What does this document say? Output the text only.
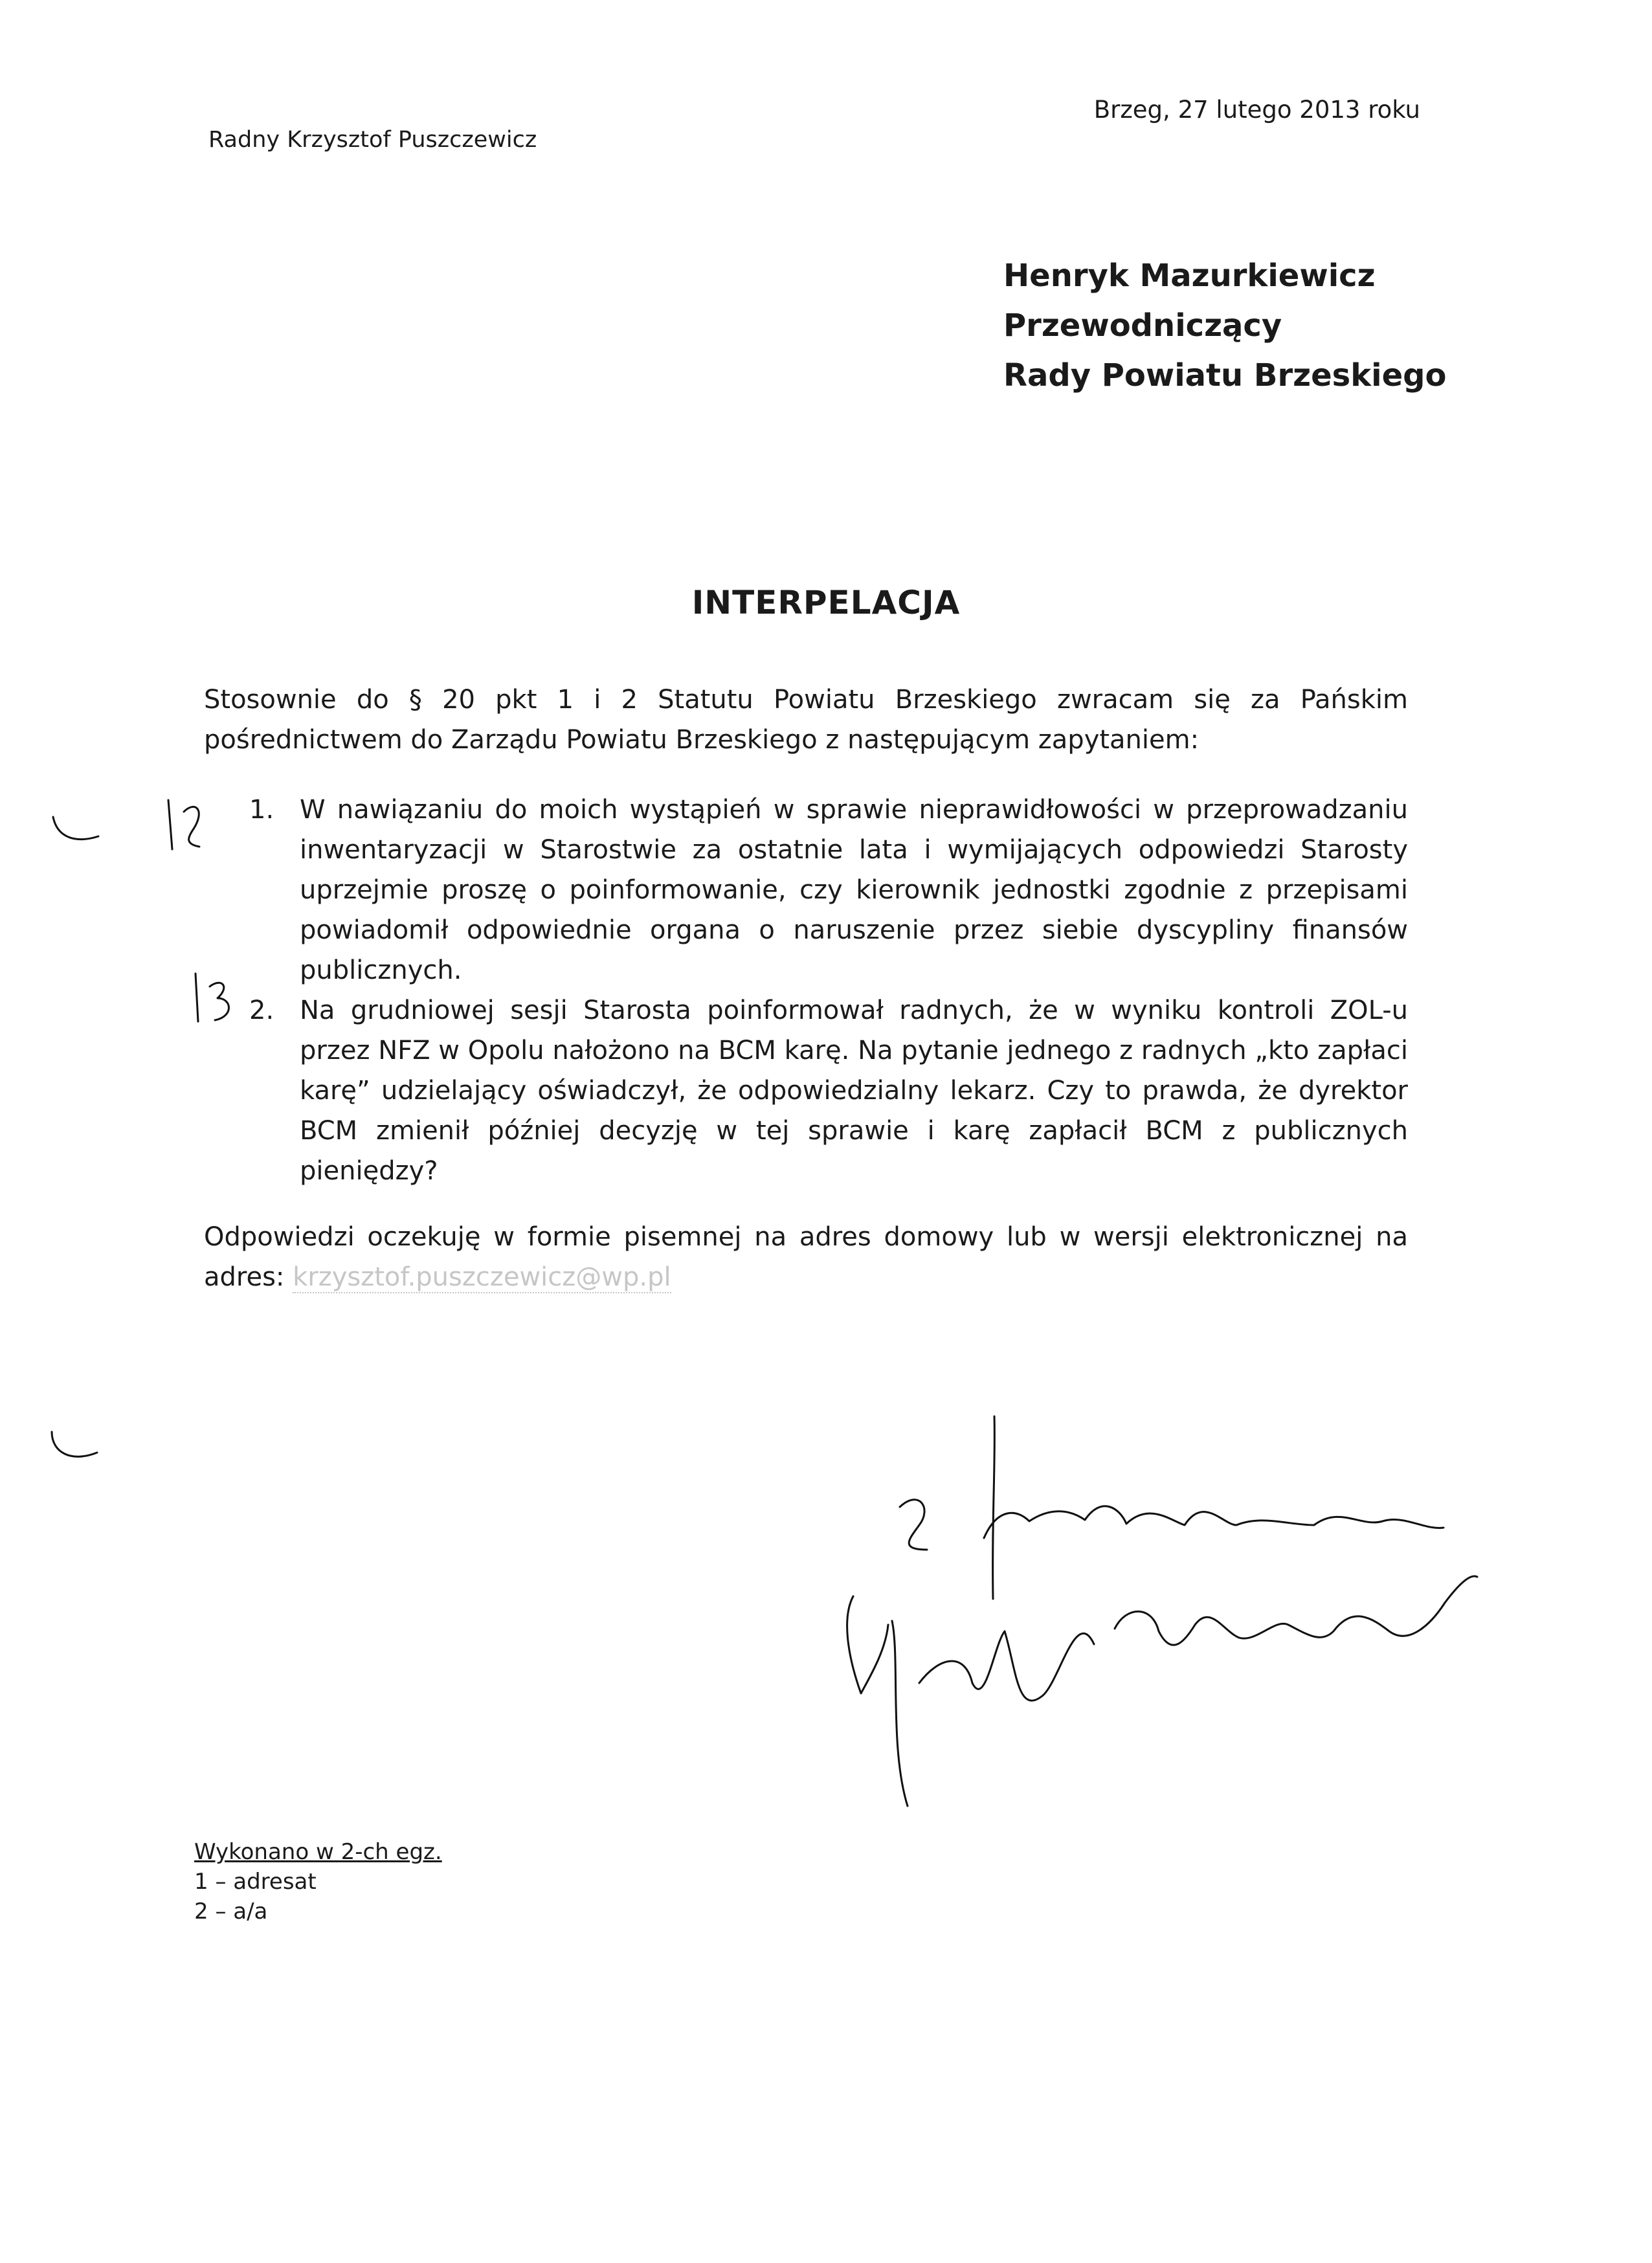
Radny Krzysztof Puszczewicz

Brzeg, 27 lutego 2013 roku

Henryk Mazurkiewicz
Przewodniczący
Rady Powiatu Brzeskiego
INTERPELACJA

Stosownie do § 20 pkt 1 i 2 Statutu Powiatu Brzeskiego zwracam się za Pańskim pośrednictwem do Zarządu Powiatu Brzeskiego z następującym zapytaniem:

1. W nawiązaniu do moich wystąpień w sprawie nieprawidłowości w przeprowadzaniu inwentaryzacji w Starostwie za ostatnie lata i wymijających odpowiedzi Starosty uprzejmie proszę o poinformowanie, czy kierownik jednostki zgodnie z przepisami powiadomił odpowiednie organa o naruszenie przez siebie dyscypliny finansów publicznych.
2. Na grudniowej sesji Starosta poinformował radnych, że w wyniku kontroli ZOL-u przez NFZ w Opolu nałożono na BCM karę. Na pytanie jednego z radnych „kto zapłaci karę” udzielający oświadczył, że odpowiedzialny lekarz. Czy to prawda, że dyrektor BCM zmienił później decyzję w tej sprawie i karę zapłacił BCM z publicznych pieniędzy?

Odpowiedzi oczekuję w formie pisemnej na adres domowy lub w wersji elektronicznej na adres: krzysztof.puszczewicz@wp.pl

Wykonano w 2-ch egz.
1 – adresat
2 – a/a
